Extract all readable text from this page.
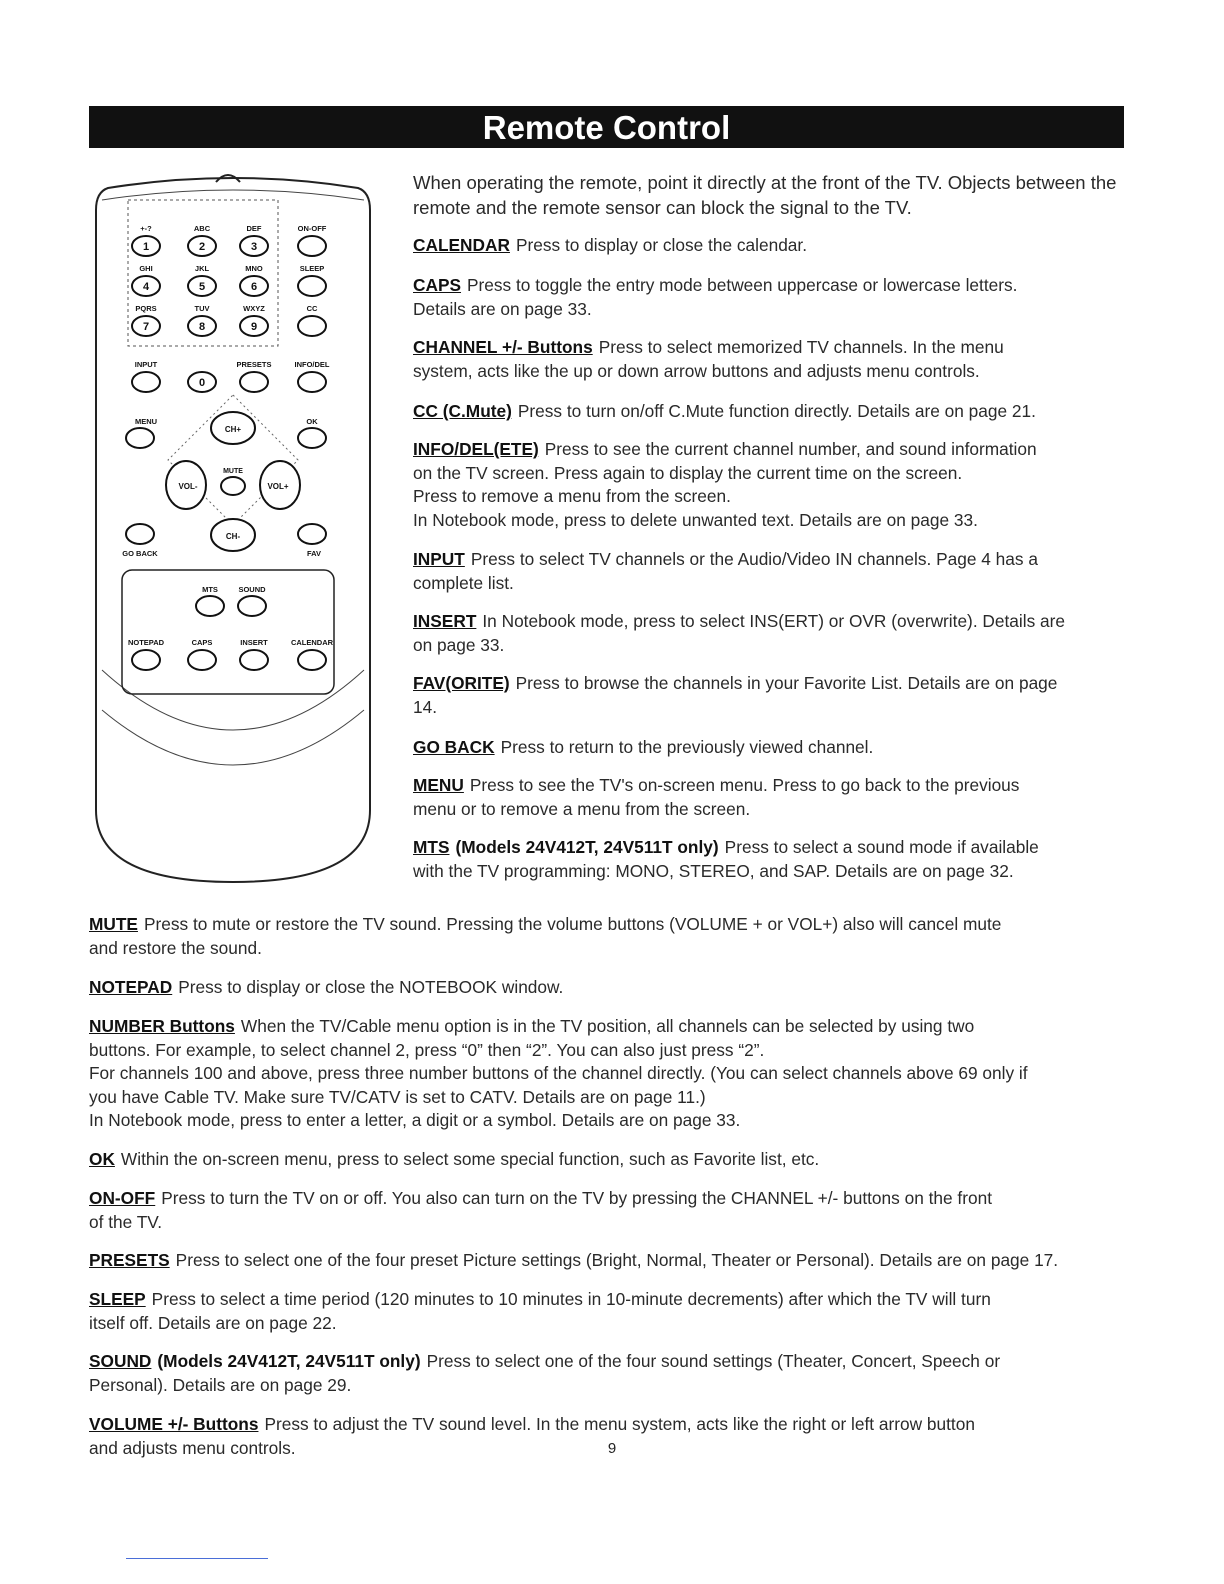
Remote Control
+-?
1
ABC
2
DEF
3
ON-OFF
GHI
4
JKL
5
MNO
6
SLEEP
PQRS
7
TUV
8
WXYZ
9
CC
INPUT
0
PRESETS	INFO/DEL
MENU	OK
CH+
CH-
VOL-	VOL+
MUTE
GO BACK	FAV
MTS	SOUND
NOTEPAD	CAPS	INSERT	CALENDAR

When operating the remote, point it directly at the front of the TV. Objects between the remote and the remote sensor can block the signal to the TV.

CALENDAR Press to display or close the calendar.

CAPS Press to toggle the entry mode between uppercase or lowercase letters.
Details are on page 33.

CHANNEL +/- Buttons Press to select memorized TV channels. In the menu
system, acts like the up or down arrow buttons and adjusts menu controls.

CC (C.Mute) Press to turn on/off C.Mute function directly. Details are on page 21.

INFO/DEL(ETE) Press to see the current channel number, and sound information
on the TV screen. Press again to display the current time on the screen.
Press to remove a menu from the screen.
In Notebook mode, press to delete unwanted text. Details are on page 33.

INPUT Press to select TV channels or the Audio/Video IN channels. Page 4 has a
complete list.

INSERT In Notebook mode, press to select INS(ERT) or OVR (overwrite). Details are
on page 33.

FAV(ORITE) Press to browse the channels in your Favorite List. Details are on page
14.

GO BACK Press to return to the previously viewed channel.

MENU Press to see the TV's on-screen menu. Press to go back to the previous
menu or to remove a menu from the screen.

MTS (Models 24V412T, 24V511T only) Press to select a sound mode if available
with the TV programming: MONO, STEREO, and SAP. Details are on page 32.

MUTE Press to mute or restore the TV sound. Pressing the volume buttons (VOLUME + or VOL+) also will cancel mute
and restore the sound.

NOTEPAD Press to display or close the NOTEBOOK window.

NUMBER Buttons When the TV/Cable menu option is in the TV position, all channels can be selected by using two
buttons. For example, to select channel 2, press “0” then “2”. You can also just press “2”.
For channels 100 and above, press three number buttons of the channel directly. (You can select channels above 69 only if
you have Cable TV. Make sure TV/CATV is set to CATV. Details are on page 11.)
In Notebook mode, press to enter a letter, a digit or a symbol. Details are on page 33.

OK Within the on-screen menu, press to select some special function, such as Favorite list, etc.

ON-OFF Press to turn the TV on or off. You also can turn on the TV by pressing the CHANNEL +/- buttons on the front
of the TV.

PRESETS Press to select one of the four preset Picture settings (Bright, Normal, Theater or Personal). Details are on page 17.

SLEEP Press to select a time period (120 minutes to 10 minutes in 10-minute decrements) after which the TV will turn
itself off. Details are on page 22.

SOUND (Models 24V412T, 24V511T only) Press to select one of the four sound settings (Theater, Concert, Speech or
Personal). Details are on page 29.

VOLUME +/- Buttons Press to adjust the TV sound level. In the menu system, acts like the right or left arrow button
and adjusts menu controls.	9
